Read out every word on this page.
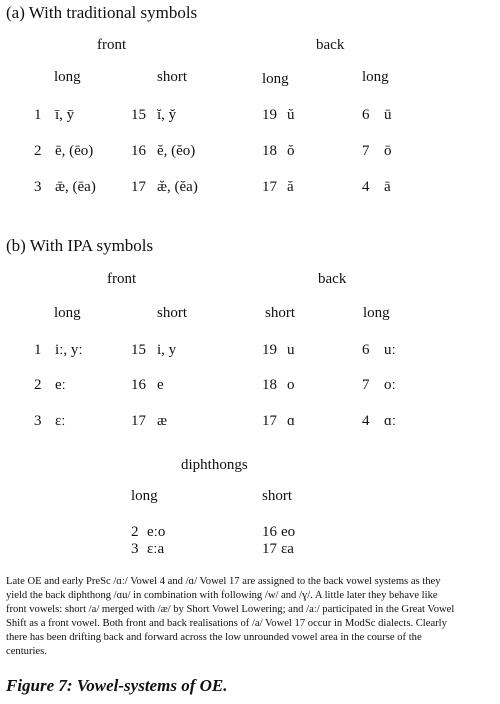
(a) With traditional symbols
front	back
long	short	long	long
1 ī, ȳ	15 ĭ, y̆	19 ŭ	6 ū
2 ē, (ēo)	16 ĕ, (ĕo)	18 ŏ	7 ō
3 ǣ, (ēa) 17 æ̆, (ĕa)	17 ă	4 ā
(b) With IPA symbols
front	back
long	short	short	long
1 iː, yː	15 i, y	19 u	6 uː
2 eː	16 e	18 o	7 oː
3 ɛː	17 æ	17 ɑ	4 ɑː
diphthongs
long	short
2 eːo	16 eo
3 ɛːa	17 ɛa
Late OE and early PreSc /ɑː/ Vowel 4 and /ɑ/ Vowel 17 are assigned to the back vowel systems as they
yield the back diphthong /ɑu/ in combination with following /w/ and /ɣ/. A little later they behave like
front vowels: short /a/ merged with /æ/ by Short Vowel Lowering; and /aː/ participated in the Great Vowel
Shift as a front vowel. Both front and back realisations of /a/ Vowel 17 occur in ModSc dialects. Clearly
there has been drifting back and forward across the low unrounded vowel area in the course of the
centuries.
Figure 7: Vowel-systems of OE.
